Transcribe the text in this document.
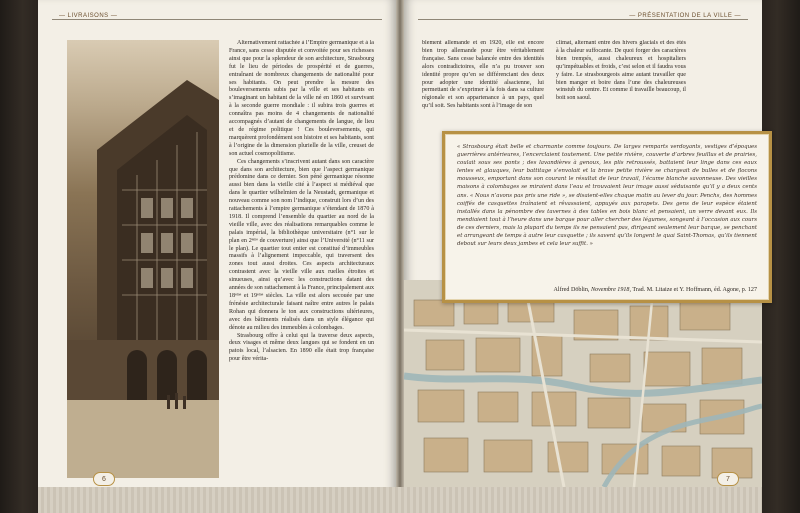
— LIVRAISONS —

Alternativement rattachée à l’Empire germanique et à la France, sans cesse disputée et convoitée pour ses richesses ainsi que pour la splendeur de son architecture, Strasbourg fut le lieu de périodes de prospérité et de guerres, entraînant de nombreux changements de nationalité pour ses habitants. On peut prendre la mesure des bouleversements subis par la ville et ses habitants en s’imaginant un habitant de la ville né en 1860 et survivant à la seconde guerre mondiale : il subira trois guerres et connaîtra pas moins de 4 changements de nationalité accompagnés d’autant de changements de langue, de lieu et de régime politique ! Ces bouleversements, qui marquèrent profondément son histoire et ses habitants, sont à l’origine de la dimension plurielle de la ville, creuset de son actuel cosmopolitisme.

Ces changements s’inscrivent autant dans son caractère que dans son architecture, bien que l’aspect germanique prédomine dans ce dernier. Son péné germanique résonne aussi bien dans la vieille cité à l’aspect si médiéval que dans le quartier wilhelmien de la Neustadt, germanique et nouveau comme son nom l’indique, construit lors d’un des rattachements à l’empire germanique s’étendant de 1870 à 1918. Il comprend l’ensemble du quartier au nord de la vieille ville, avec des réalisations remarquables comme le palais impérial, la bibliothèque universitaire (n°1 sur le plan en 2ᵉᵐᵉ de couverture) ainsi que l’Université (n°11 sur le plan). Le quartier tout entier est constitué d’immeubles massifs à l’alignement impeccable, qui traversent des zones tout aussi droites. Ces aspects architecturaux contrastent avec la vieille ville aux ruelles étroites et sinueuses, ainsi qu’avec les constructions datant des années de son rattachement à la France, principalement aux 18ᵉᵐᵉ et 19ᵉᵐᵉ siècles. La ville est alors secouée par une frénésie architecturale faisant naître entre autres le palais Rohan qui donnera le ton aux constructions ultérieures, avec des bâtiments réalisés dans un style élégance qui dénote au milieu des immeubles à colombages.

Strasbourg offre à celui qui la traverse deux aspects, deux visages et même deux langues qui se fondent en un patois local, l’alsacien. En 1890 elle était trop française pour être vérita-

6
— PRÉSENTATION DE LA VILLE —
blement allemande et en 1920, elle est encore bien trop allemande pour être véritablement française. Sans cesse balancée entre des identités alors contradictoires, elle n’a pu trouver son identité propre qu’en se différenciant des deux pour adopter une identité alsacienne, lui permettant de s’exprimer à la fois dans sa culture régionale et son appartenance à un pays, quel qu’il soit. Ses habitants sont à l’image de son
climat, alternant entre des hivers glacials et des étés à la chaleur suffocante. De quoi forger des caractères bien trempés, aussi chaleureux et hospitaliers qu’impétuables et froids, c’est selon et il faudra vous y faire. Le strasbourgeois aime autant travailler que bien manger et boire dans l’une des chaleureuses winstub du centre. Et comme il travaille beaucoup, il boit son saoul.
7

« Strasbourg était belle et charmante comme toujours. De larges remparts verdoyants, vestiges d’époques guerrières antérieures, l’encerclaient toutement. Une petite rivière, couverte d’arbres feuillus et de prairies, coulait sous ses ponts ; des lavandières à genoux, les plis retroussés, battaient leur linge dans ces eaux lentes et glauques, leur battitage s’envolait et la brave petite rivière se chargeait de bulles et de flocons mousseux, emportant dans son courant le résultat de leur travail, l’écume blanche savonneuse. Des vieilles maisons à colombages se miraient dans l’eau et trouvaient leur image aussi séduisante qu’il y a deux cents ans. « Nous n’avons pas pris une ride », se disaient-elles chaque matin au lever du jour. Penchs, des hommes coiffés de casquettes traînaient et rêvassaient, appuyés aux parapets. Des gens de leur espèce étaient installés dans la pénombre des tavernes à des tables en bois blanc et pensaient, un verre devant eux. Ils mendiaient tout à l’heure dans une barque pour aller chercher des légumes, songeant à l’occasion aux cours de ces derniers, mais la plupart du temps ils ne pensaient pas, dirigeant seulement leur barque, se penchant et arrangeant de temps à autre leur casquette ; ils savent qu’ils longent le quai Saint-Thomas, qu’ils tiennent debout sur leurs deux jambes et cela leur suffit. »

Alfred Döblin, Novembre 1918, Trad. M. Litaize et Y. Hoffmann, éd. Agone, p. 127
